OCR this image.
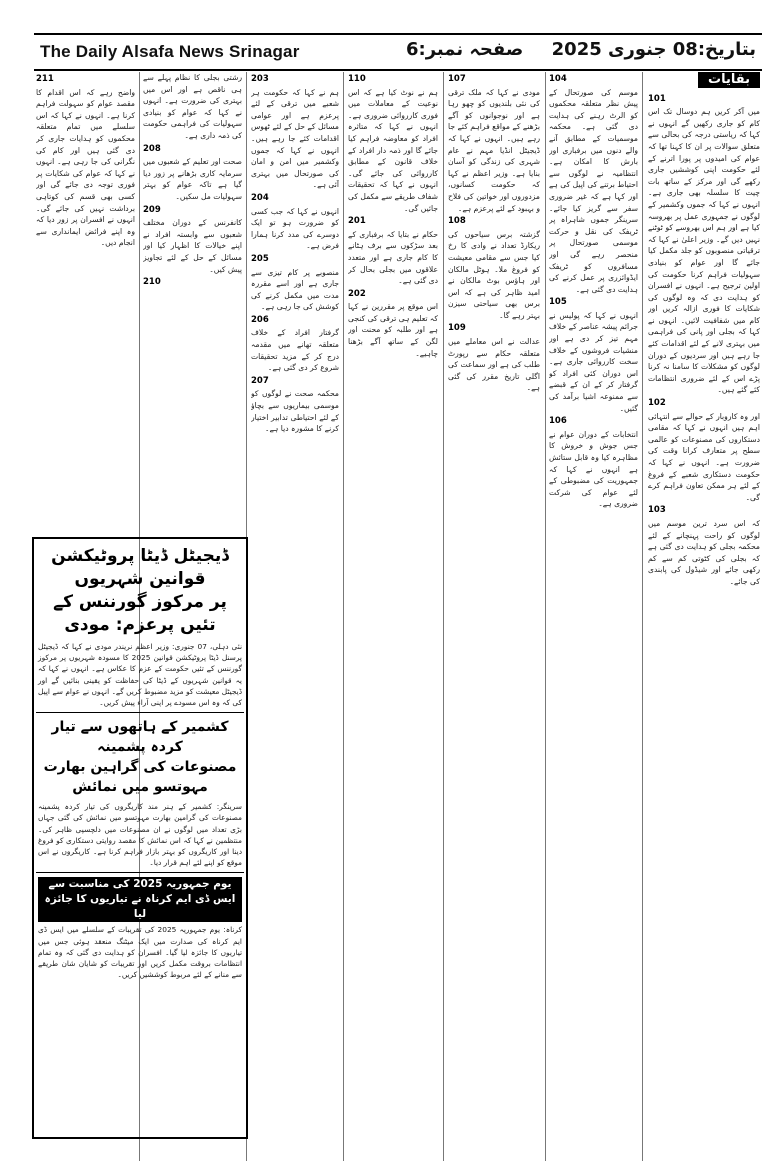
The Daily Alsafa News Srinagar	صفحہ نمبر:6 بتاریخ:08 جنوری 2025
بقایات
101
میں آکر کریں ہم دوسال تک اس کام کو جاری رکھیں گے انہوں نے کہا کہ ریاستی درجہ کی بحالی سے متعلق سوالات پر ان کا کہنا تھا کہ عوام کی امیدوں پر پورا اترنے کے لئے حکومت اپنی کوششیں جاری رکھے گی اور مرکز کے ساتھ بات چیت کا سلسلہ بھی جاری ہے۔ انہوں نے کہا کہ جموں وکشمیر کے لوگوں نے جمہوری عمل پر بھروسہ کیا ہے اور ہم اس بھروسے کو ٹوٹنے نہیں دیں گے۔ وزیر اعلیٰ نے کہا کہ ترقیاتی منصوبوں کو جلد مکمل کیا جائے گا اور عوام کو بنیادی سہولیات فراہم کرنا حکومت کی اولین ترجیح ہے۔ انہوں نے افسران کو ہدایت دی کہ وہ لوگوں کی شکایات کا فوری ازالہ کریں اور کام میں شفافیت لائیں۔ انہوں نے کہا کہ بجلی اور پانی کی فراہمی میں بہتری لانے کے لئے اقدامات کئے جا رہے ہیں اور سردیوں کے دوران لوگوں کو مشکلات کا سامنا نہ کرنا پڑے اس کے لئے ضروری انتظامات کئے گئے ہیں۔
102
اور وہ کاروبار کے حوالے سے انتہائی اہم ہیں انہوں نے کہا کہ مقامی دستکاروں کی مصنوعات کو عالمی سطح پر متعارف کرانا وقت کی ضرورت ہے۔ انہوں نے کہا کہ حکومت دستکاری شعبے کے فروغ کے لئے ہر ممکن تعاون فراہم کرے گی۔
103
کہ اس سرد ترین موسم میں لوگوں کو راحت پہنچانے کے لئے محکمہ بجلی کو ہدایت دی گئی ہے کہ بجلی کی کٹوتی کم سے کم رکھی جائے اور شیڈول کی پابندی کی جائے۔
104
موسم کی صورتحال کے پیش نظر متعلقہ محکموں کو الرٹ رہنے کی ہدایت دی گئی ہے۔ محکمہ موسمیات کے مطابق آنے والے دنوں میں برفباری اور بارش کا امکان ہے۔ انتظامیہ نے لوگوں سے احتیاط برتنے کی اپیل کی ہے اور کہا ہے کہ غیر ضروری سفر سے گریز کیا جائے۔ سرینگر جموں شاہراہ پر ٹریفک کی نقل و حرکت موسمی صورتحال پر منحصر رہے گی اور مسافروں کو ٹریفک ایڈوائزری پر عمل کرنے کی ہدایت دی گئی ہے۔
105
انہوں نے کہا کہ پولیس نے جرائم پیشہ عناصر کے خلاف مہم تیز کر دی ہے اور منشیات فروشوں کے خلاف سخت کارروائی جاری ہے۔ اس دوران کئی افراد کو گرفتار کر کے ان کے قبضے سے ممنوعہ اشیا برآمد کی گئیں۔
106
انتخابات کے دوران عوام نے جس جوش و خروش کا مظاہرہ کیا وہ قابل ستائش ہے انہوں نے کہا کہ جمہوریت کی مضبوطی کے لئے عوام کی شرکت ضروری ہے۔
107
مودی نے کہا کہ ملک ترقی کی نئی بلندیوں کو چھو رہا ہے اور نوجوانوں کو آگے بڑھنے کے مواقع فراہم کئے جا رہے ہیں۔ انہوں نے کہا کہ ڈیجیٹل انڈیا مہم نے عام شہری کی زندگی کو آسان بنایا ہے۔ وزیر اعظم نے کہا کہ حکومت کسانوں، مزدوروں اور خواتین کی فلاح و بہبود کے لئے پرعزم ہے۔
108
گزشتہ برس سیاحوں کی ریکارڈ تعداد نے وادی کا رخ کیا جس سے مقامی معیشت کو فروغ ملا۔ ہوٹل مالکان اور ہاؤس بوٹ مالکان نے امید ظاہر کی ہے کہ اس برس بھی سیاحتی سیزن بہتر رہے گا۔
109
عدالت نے اس معاملے میں متعلقہ حکام سے رپورٹ طلب کی ہے اور سماعت کی اگلی تاریخ مقرر کی گئی ہے۔
110
ہم نے نوٹ کیا ہے کہ اس نوعیت کے معاملات میں فوری کارروائی ضروری ہے۔ انہوں نے کہا کہ متاثرہ افراد کو معاوضہ فراہم کیا جائے گا اور ذمہ دار افراد کے خلاف قانون کے مطابق کارروائی کی جائے گی۔ انہوں نے کہا کہ تحقیقات شفاف طریقے سے مکمل کی جائیں گی۔
201
حکام نے بتایا کہ برفباری کے بعد سڑکوں سے برف ہٹانے کا کام جاری ہے اور متعدد علاقوں میں بجلی بحال کر دی گئی ہے۔
202
اس موقع پر مقررین نے کہا کہ تعلیم ہی ترقی کی کنجی ہے اور طلبہ کو محنت اور لگن کے ساتھ آگے بڑھنا چاہیے۔
203
ہم نے کہا کہ حکومت ہر شعبے میں ترقی کے لئے پرعزم ہے اور عوامی مسائل کے حل کے لئے ٹھوس اقدامات کئے جا رہے ہیں۔ انہوں نے کہا کہ جموں وکشمیر میں امن و امان کی صورتحال میں بہتری آئی ہے۔
204
انہوں نے کہا کہ جب کسی کو ضرورت ہو تو ایک دوسرے کی مدد کرنا ہمارا فرض ہے۔
205
منصوبے پر کام تیزی سے جاری ہے اور اسے مقررہ مدت میں مکمل کرنے کی کوشش کی جا رہی ہے۔
206
گرفتار افراد کے خلاف متعلقہ تھانے میں مقدمہ درج کر کے مزید تحقیقات شروع کر دی گئی ہے۔
207
محکمہ صحت نے لوگوں کو موسمی بیماریوں سے بچاؤ کے لئے احتیاطی تدابیر اختیار کرنے کا مشورہ دیا ہے۔
رشتی بجلی کا نظام پہلے سے ہی ناقص ہے اور اس میں بہتری کی ضرورت ہے۔ انہوں نے کہا کہ عوام کو بنیادی سہولیات کی فراہمی حکومت کی ذمہ داری ہے۔
208
صحت اور تعلیم کے شعبوں میں سرمایہ کاری بڑھانے پر زور دیا گیا ہے تاکہ عوام کو بہتر سہولیات مل سکیں۔
209
کانفرنس کے دوران مختلف شعبوں سے وابستہ افراد نے اپنے خیالات کا اظہار کیا اور مسائل کے حل کے لئے تجاویز پیش کیں۔
210
211
واضح رہے کہ اس اقدام کا مقصد عوام کو سہولت فراہم کرنا ہے۔ انہوں نے کہا کہ اس سلسلے میں تمام متعلقہ محکموں کو ہدایات جاری کر دی گئی ہیں اور کام کی نگرانی کی جا رہی ہے۔ انہوں نے کہا کہ عوام کی شکایات پر فوری توجہ دی جائے گی اور کسی بھی قسم کی کوتاہی برداشت نہیں کی جائے گی۔ انہوں نے افسران پر زور دیا کہ وہ اپنے فرائض ایمانداری سے انجام دیں۔
ڈیجیٹل ڈیٹا پروٹیکشن قوانین شہریوں
پر مرکوز گورننس کے تئیں پرعزم: مودی
نئی دہلی، 07 جنوری: وزیر اعظم نریندر مودی نے کہا کہ ڈیجیٹل پرسنل ڈیٹا پروٹیکشن قوانین 2025 کا مسودہ شہریوں پر مرکوز گورننس کے تئیں حکومت کے عزم کا عکاس ہے۔ انہوں نے کہا کہ یہ قوانین شہریوں کے ڈیٹا کی حفاظت کو یقینی بنائیں گے اور ڈیجیٹل معیشت کو مزید مضبوط کریں گے۔ انہوں نے عوام سے اپیل کی کہ وہ اس مسودے پر اپنی آراء پیش کریں۔
کشمیر کے ہاتھوں سے تیار کردہ پشمینہ
مصنوعات کی گراہین بھارت مہوتسو میں نمائش
سرینگر: کشمیر کے ہنر مند کاریگروں کی تیار کردہ پشمینہ مصنوعات کی گرامین بھارت مہوتسو میں نمائش کی گئی جہاں بڑی تعداد میں لوگوں نے ان مصنوعات میں دلچسپی ظاہر کی۔ منتظمین نے کہا کہ اس نمائش کا مقصد روایتی دستکاری کو فروغ دینا اور کاریگروں کو بہتر بازار فراہم کرنا ہے۔ کاریگروں نے اس موقع کو اپنے لئے اہم قرار دیا۔
یوم جمہوریہ 2025 کی مناسبت سے ایس ڈی ایم کرناہ نے تیاریوں کا جائزہ لیا
کرناہ: یوم جمہوریہ 2025 کی تقریبات کے سلسلے میں ایس ڈی ایم کرناہ کی صدارت میں ایک میٹنگ منعقد ہوئی جس میں تیاریوں کا جائزہ لیا گیا۔ افسران کو ہدایت دی گئی کہ وہ تمام انتظامات بروقت مکمل کریں اور تقریبات کو شایان شان طریقے سے منانے کے لئے مربوط کوششیں کریں۔
